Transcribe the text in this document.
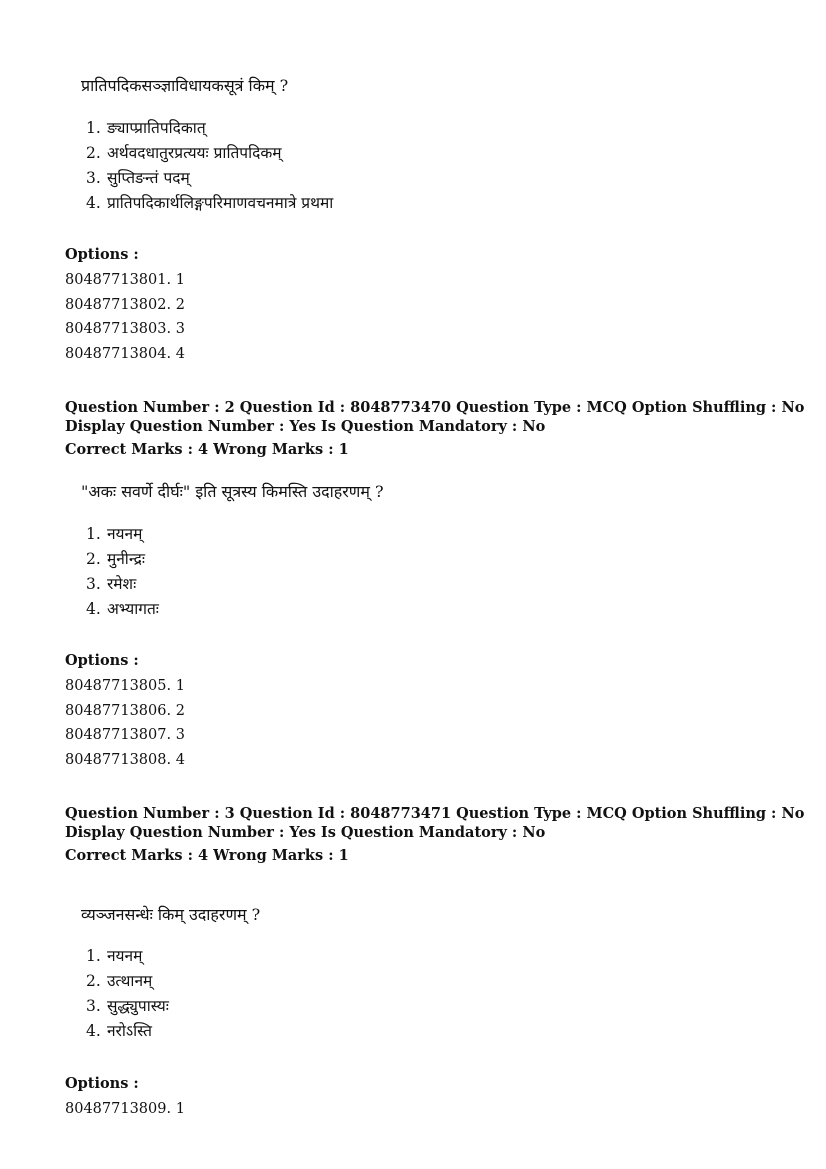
प्रातिपदिकसञ्ज्ञाविधायकसूत्रं किम् ?
1. ङ्याप्प्रातिपदिकात्
2. अर्थवदधातुरप्रत्ययः प्रातिपदिकम्
3. सुप्तिङन्तं पदम्
4. प्रातिपदिकार्थलिङ्गपरिमाणवचनमात्रे प्रथमा
Options :
80487713801. 1
80487713802. 2
80487713803. 3
80487713804. 4
Question Number : 2 Question Id : 8048773470 Question Type : MCQ Option Shuffling : No
Display Question Number : Yes Is Question Mandatory : No
Correct Marks : 4 Wrong Marks : 1
"अकः सवर्णे दीर्घः" इति सूत्रस्य किमस्ति उदाहरणम् ?
1. नयनम्
2. मुनीन्द्रः
3. रमेशः
4. अभ्यागतः
Options :
80487713805. 1
80487713806. 2
80487713807. 3
80487713808. 4
Question Number : 3 Question Id : 8048773471 Question Type : MCQ Option Shuffling : No
Display Question Number : Yes Is Question Mandatory : No
Correct Marks : 4 Wrong Marks : 1
व्यञ्जनसन्धेः किम् उदाहरणम् ?
1. नयनम्
2. उत्थानम्
3. सुद्ध्युपास्यः
4. नरोऽस्ति
Options :
80487713809. 1
